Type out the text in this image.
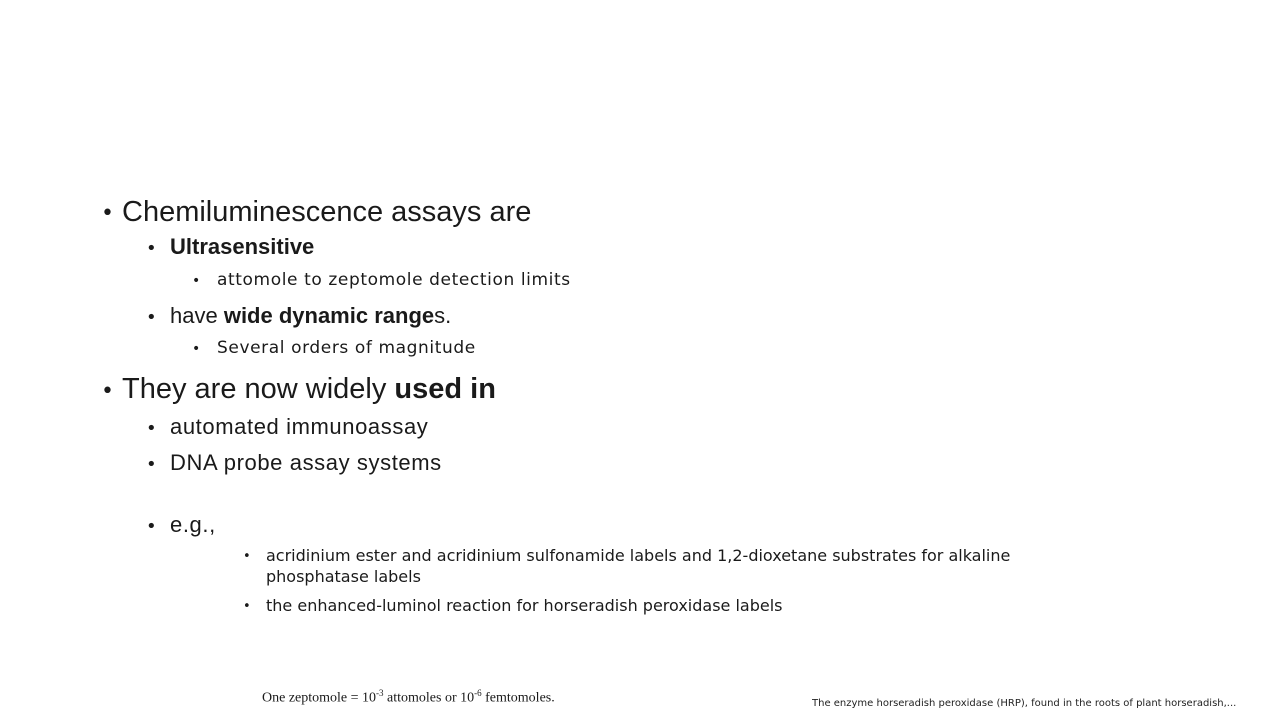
• Chemiluminescence assays are
• Ultrasensitive
• attomole to zeptomole detection limits
• have wide dynamic ranges.
• Several orders of magnitude
• They are now widely used in
• automated immunoassay
• DNA probe assay systems
• e.g.,
• acridinium ester and acridinium sulfonamide labels and 1,2-dioxetane substrates for alkaline
phosphatase labels
• the enhanced-luminol reaction for horseradish peroxidase labels
One zeptomole = $10^{-3}$ attomoles or $10^{-6}$ femtomoles.	The enzyme horseradish peroxidase (HRP), found in the roots of plant horseradish,...
